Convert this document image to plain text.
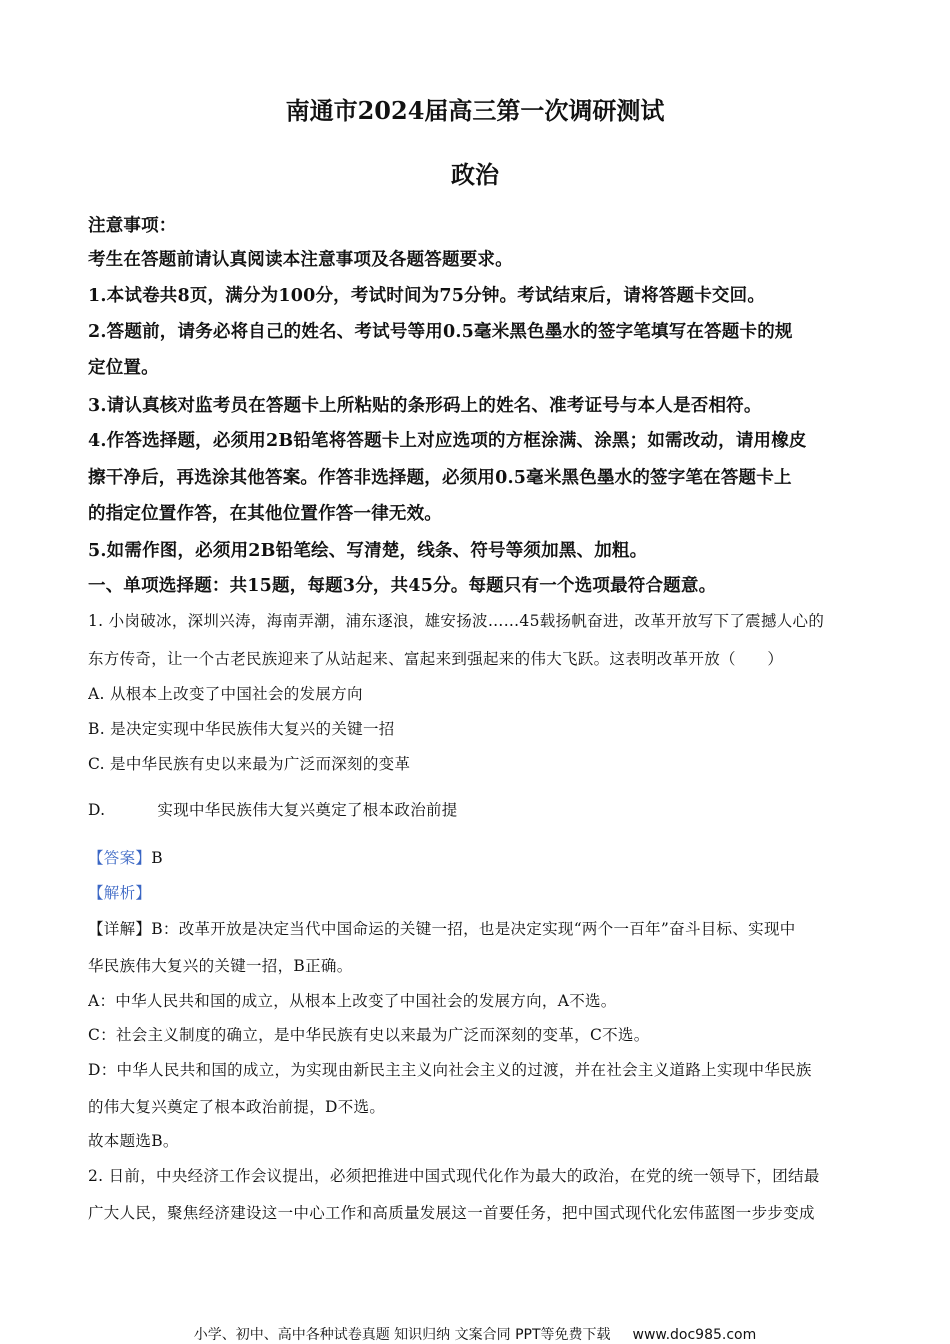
南通市2024届高三第一次调研测试
政治
注意事项：
考生在答题前请认真阅读本注意事项及各题答题要求。
1.本试卷共8页，满分为100分，考试时间为75分钟。考试结束后，请将答题卡交回。
2.答题前，请务必将自己的姓名、考试号等用0.5毫米黑色墨水的签字笔填写在答题卡的规
定位置。
3.请认真核对监考员在答题卡上所粘贴的条形码上的姓名、准考证号与本人是否相符。
4.作答选择题，必须用2B铅笔将答题卡上对应选项的方框涂满、涂黑；如需改动，请用橡皮
擦干净后，再选涂其他答案。作答非选择题，必须用0.5毫米黑色墨水的签字笔在答题卡上
的指定位置作答，在其他位置作答一律无效。
5.如需作图，必须用2B铅笔绘、写清楚，线条、符号等须加黑、加粗。
一、单项选择题：共15题，每题3分，共45分。每题只有一个选项最符合题意。
1. 小岗破冰，深圳兴涛，海南弄潮，浦东逐浪，雄安扬波……45载扬帆奋进，改革开放写下了震撼人心的
东方传奇，让一个古老民族迎来了从站起来、富起来到强起来的伟大飞跃。这表明改革开放（　　）
A. 从根本上改变了中国社会的发展方向
B. 是决定实现中华民族伟大复兴的关键一招
C. 是中华民族有史以来最为广泛而深刻的变革
D.	实现中华民族伟大复兴奠定了根本政治前提
【答案】B
【解析】
【详解】B：改革开放是决定当代中国命运的关键一招，也是决定实现“两个一百年”奋斗目标、实现中
华民族伟大复兴的关键一招，B正确。
A：中华人民共和国的成立，从根本上改变了中国社会的发展方向，A不选。
C：社会主义制度的确立，是中华民族有史以来最为广泛而深刻的变革，C不选。
D：中华人民共和国的成立，为实现由新民主主义向社会主义的过渡，并在社会主义道路上实现中华民族
的伟大复兴奠定了根本政治前提，D不选。
故本题选B。
2. 日前，中央经济工作会议提出，必须把推进中国式现代化作为最大的政治，在党的统一领导下，团结最
广大人民，聚焦经济建设这一中心工作和高质量发展这一首要任务，把中国式现代化宏伟蓝图一步步变成
小学、初中、高中各种试卷真题 知识归纳 文案合同 PPT等免费下载 www.doc985.com
